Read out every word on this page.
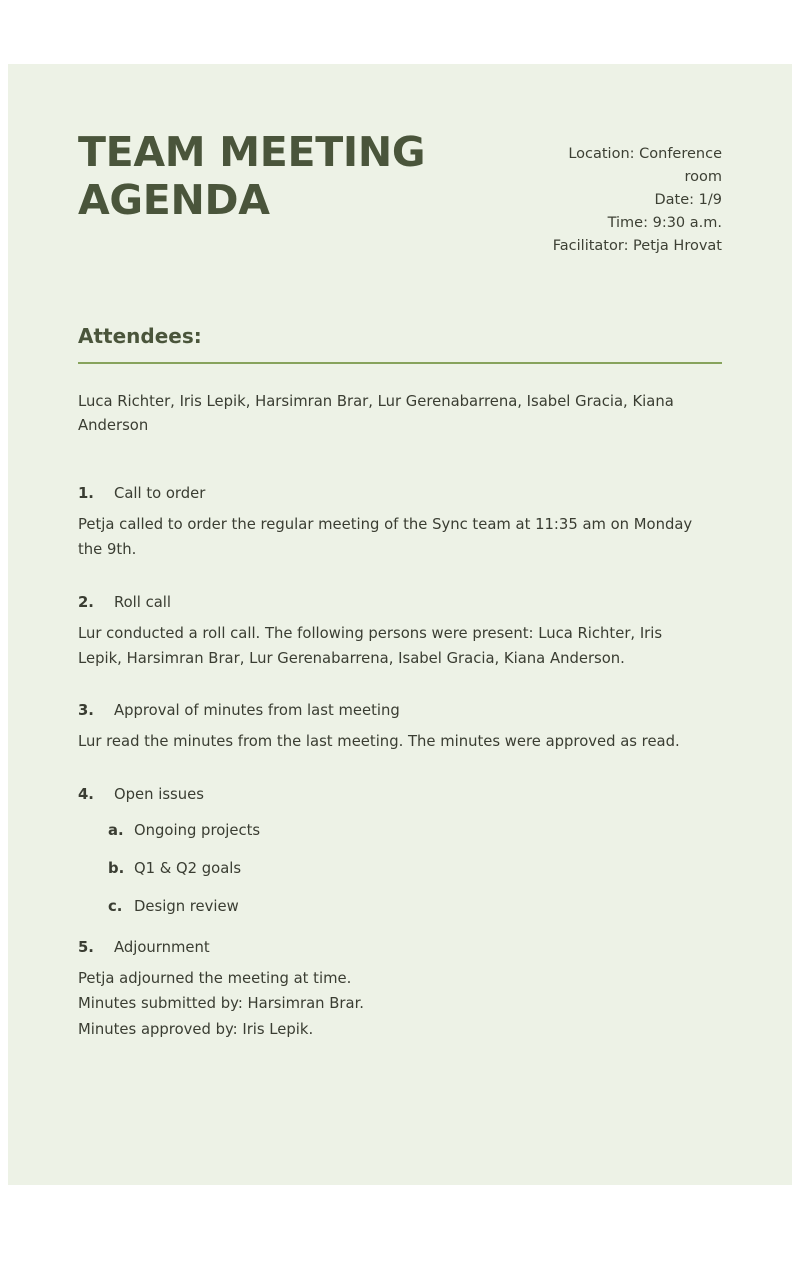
TEAM MEETING AGENDA
Location: Conference
room
Date: 1/9
Time: 9:30 a.m.
Facilitator: Petja Hrovat
Attendees:
Luca Richter, Iris Lepik, Harsimran Brar, Lur Gerenabarrena, Isabel Gracia, Kiana Anderson
1.	Call to order
Petja called to order the regular meeting of the Sync team at 11:35 am on Monday the 9th.
2.	Roll call
Lur conducted a roll call. The following persons were present: Luca Richter, Iris Lepik, Harsimran Brar, Lur Gerenabarrena, Isabel Gracia, Kiana Anderson.
3.	Approval of minutes from last meeting
Lur read the minutes from the last meeting. The minutes were approved as read.
4.	Open issues
a. Ongoing projects
b. Q1 & Q2 goals
c. Design review
5.	Adjournment
Petja adjourned the meeting at time.
Minutes submitted by: Harsimran Brar.
Minutes approved by: Iris Lepik.
